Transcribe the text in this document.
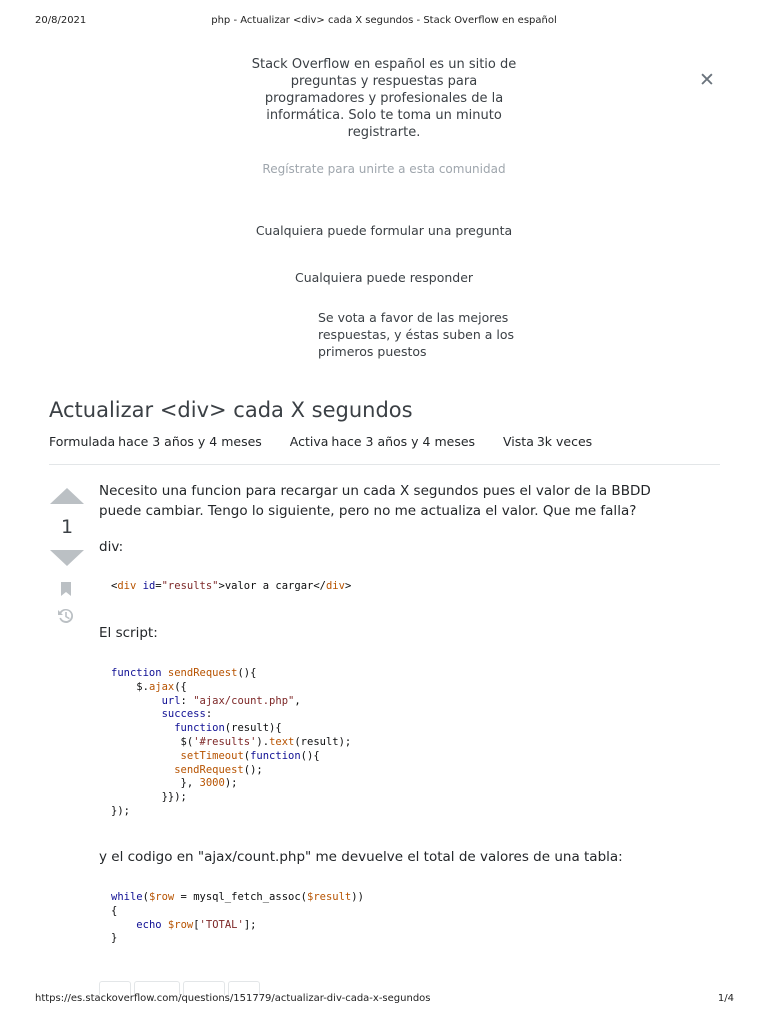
20/8/2021	php - Actualizar <div> cada X segundos - Stack Overflow en español
Stack Overflow en español es un sitio de preguntas y respuestas para programadores y profesionales de la informática. Solo te toma un minuto registrarte.
✕
Regístrate para unirte a esta comunidad
Cualquiera puede formular una pregunta
Cualquiera puede responder
Se vota a favor de las mejores respuestas, y éstas suben a los primeros puestos
Actualizar <div> cada X segundos
Formulada hace 3 años y 4 meses Activa hace 3 años y 4 meses Vista 3k veces
1
Necesito una funcion para recargar un cada X segundos pues el valor de la BBDD puede cambiar. Tengo lo siguiente, pero no me actualiza el valor. Que me falla?
div:
<div id="results">valor a cargar</div>
El script:
function sendRequest(){
$.ajax({
url: "ajax/count.php",
success:
function(result){
$('#results').text(result);
setTimeout(function(){
sendRequest();
}, 3000);
}});
});
y el codigo en "ajax/count.php" me devuelve el total de valores de una tabla:
while($row = mysql_fetch_assoc($result))
{
echo $row['TOTAL'];
}
https://es.stackoverflow.com/questions/151779/actualizar-div-cada-x-segundos	1/4
